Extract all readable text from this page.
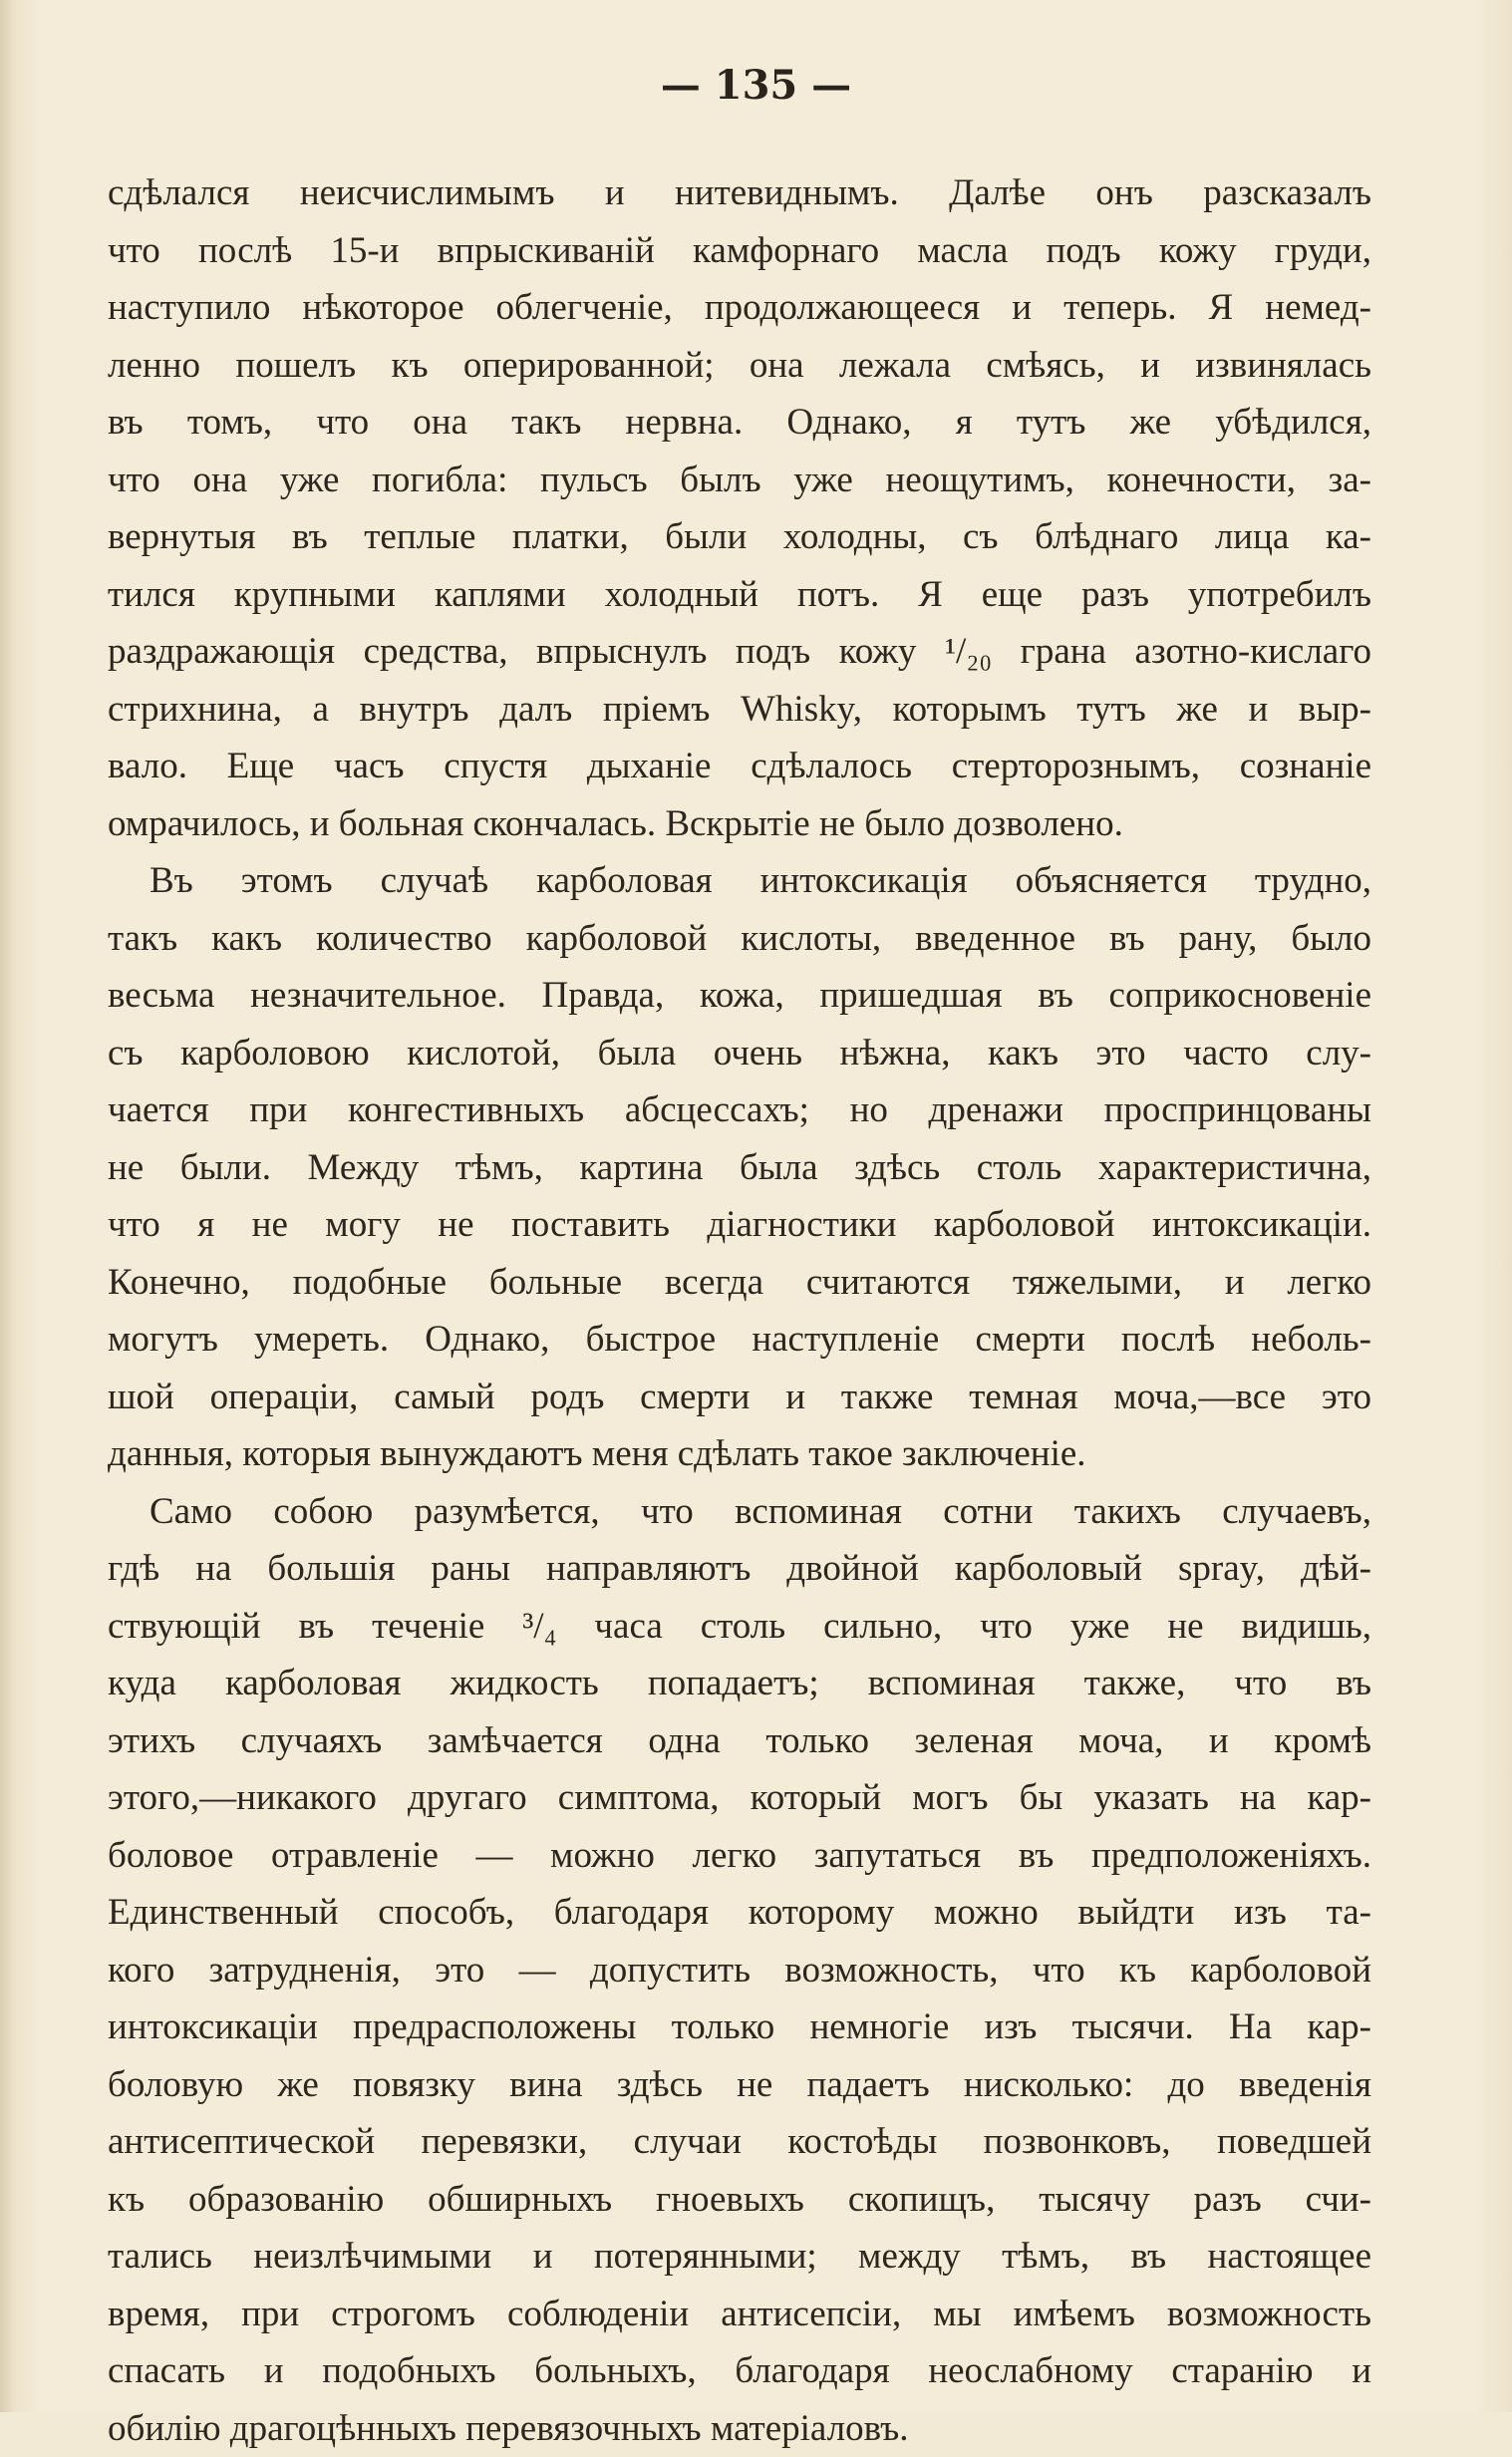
— 135 —
сдѣлался неисчислимымъ и нитевиднымъ. Далѣе онъ разсказалъ
что послѣ 15-и впрыскиваній камфорнаго масла подъ кожу груди,
наступило нѣкоторое облегченіе, продолжающееся и теперь. Я немед-
ленно пошелъ къ оперированной; она лежала смѣясь, и извинялась
въ томъ, что она такъ нервна. Однако, я тутъ же убѣдился,
что она уже погибла: пульсъ былъ уже неощутимъ, конечности, за-
вернутыя въ теплые платки, были холодны, съ блѣднаго лица ка-
тился крупными каплями холодный потъ. Я еще разъ употребилъ
раздражающія средства, впрыснулъ подъ кожу ¹/₂₀ грана азотно-кислаго
стрихнина, а внутръ далъ пріемъ Whisky, которымъ тутъ же и выр-
вало. Еще часъ спустя дыханіе сдѣлалось стерторознымъ, сознаніе
омрачилось, и больная скончалась. Вскрытіе не было дозволено.
Въ этомъ случаѣ карболовая интоксикація объясняется трудно,
такъ какъ количество карболовой кислоты, введенное въ рану, было
весьма незначительное. Правда, кожа, пришедшая въ соприкосновеніе
съ карболовою кислотой, была очень нѣжна, какъ это часто слу-
чается при конгестивныхъ абсцессахъ; но дренажи проспринцованы
не были. Между тѣмъ, картина была здѣсь столь характеристична,
что я не могу не поставить діагностики карболовой интоксикаціи.
Конечно, подобные больные всегда считаются тяжелыми, и легко
могутъ умереть. Однако, быстрое наступленіе смерти послѣ неболь-
шой операціи, самый родъ смерти и также темная моча,—все это
данныя, которыя вынуждаютъ меня сдѣлать такое заключеніе.
Само собою разумѣется, что вспоминая сотни такихъ случаевъ,
гдѣ на большія раны направляютъ двойной карболовый spray, дѣй-
ствующій въ теченіе ³/₄ часа столь сильно, что уже не видишь,
куда карболовая жидкость попадаетъ; вспоминая также, что въ
этихъ случаяхъ замѣчается одна только зеленая моча, и кромѣ
этого,—никакого другаго симптома, который могъ бы указать на кар-
боловое отравленіе — можно легко запутаться въ предположеніяхъ.
Единственный способъ, благодаря которому можно выйдти изъ та-
кого затрудненія, это — допустить возможность, что къ карболовой
интоксикаціи предрасположены только немногіе изъ тысячи. На кар-
боловую же повязку вина здѣсь не падаетъ нисколько: до введенія
антисептической перевязки, случаи костоѣды позвонковъ, поведшей
къ образованію обширныхъ гноевыхъ скопищъ, тысячу разъ счи-
тались неизлѣчимыми и потерянными; между тѣмъ, въ настоящее
время, при строгомъ соблюденіи антисепсіи, мы имѣемъ возможность
спасать и подобныхъ больныхъ, благодаря неослабному старанію и
обилію драгоцѣнныхъ перевязочныхъ матеріаловъ.
